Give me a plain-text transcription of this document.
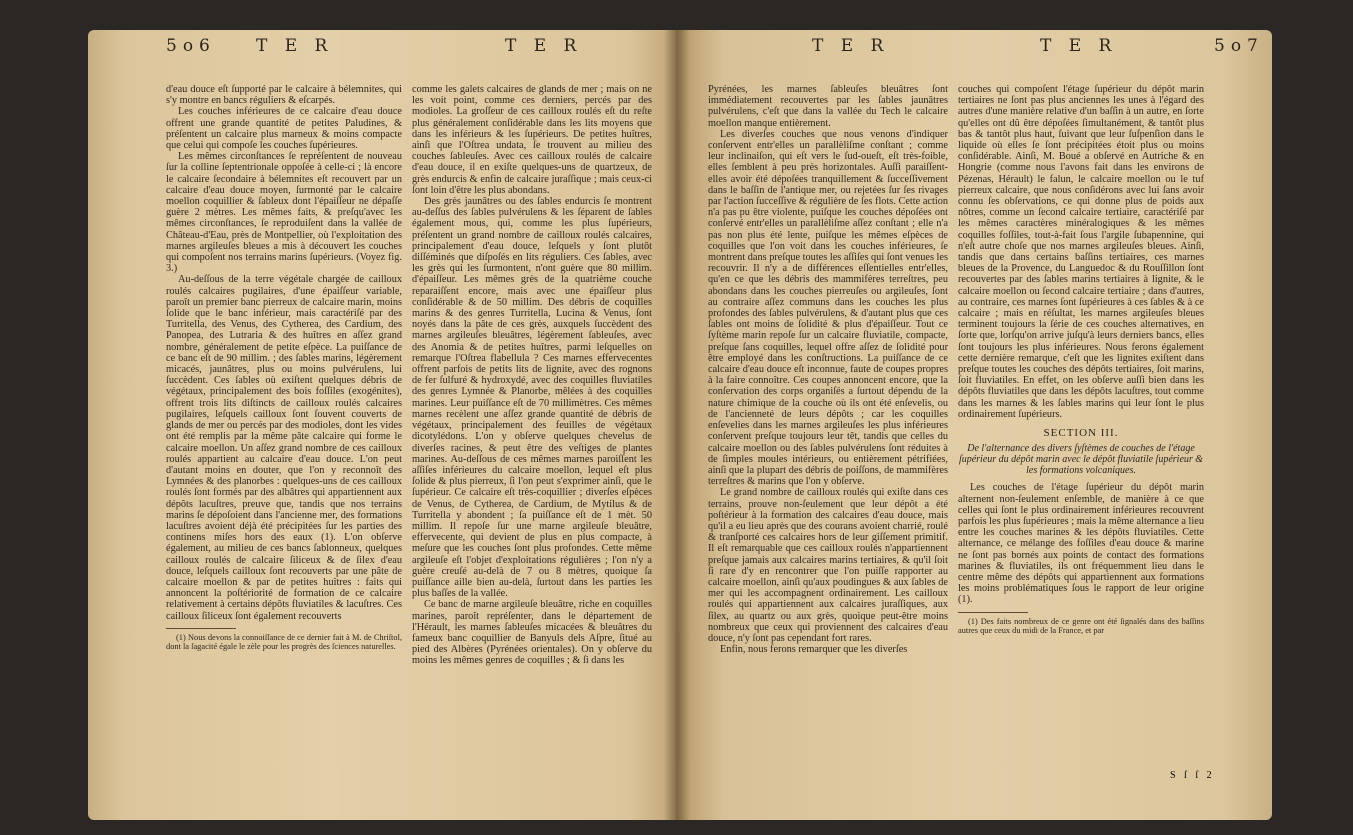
5o6 T E R	T E R	T E R	T E R	5o7

d'eau douce eſt ſupporté par le calcaire à bélemnites, qui s'y montre en bancs réguliers & eſcarpés.

Les couches inférieures de ce calcaire d'eau douce offrent une grande quantité de petites Paludines, & préſentent un calcaire plus marneux & moins compacte que celui qui compoſe les couches ſupérieures.

Les mêmes circonſtances ſe repréſentent de nouveau ſur la colline ſeptentrionale oppoſée à celle-ci ; là encore le calcaire ſecondaire à bélemnites eſt recouvert par un calcaire d'eau douce moyen, ſurmonté par le calcaire moellon coquillier & ſableux dont l'épaiſſeur ne dépaſſe guère 2 mètres. Les mêmes faits, & preſqu'avec les mêmes circonſtances, ſe reproduiſent dans la vallée de Château-d'Eau, près de Montpellier, où l'exploitation des marnes argileuſes bleues a mis à découvert les couches qui compoſent nos terrains marins ſupérieurs. (Voyez fig. 3.)

Au-deſſous de la terre végétale chargée de cailloux roulés calcaires pugilaires, d'une épaiſſeur variable, paroît un premier banc pierreux de calcaire marin, moins ſolide que le banc inférieur, mais caractériſé par des Turritella, des Venus, des Cytherea, des Cardium, des Panopea, des Lutraria & des huîtres en aſſez grand nombre, généralement de petite eſpèce. La puiſſance de ce banc eſt de 90 millim. ; des ſables marins, légèrement micacés, jaunâtres, plus ou moins pulvérulens, lui ſuccèdent. Ces ſables où exiſtent quelques débris de végétaux, principalement des bois foſſiles (exogénites), offrent trois lits diſtincts de cailloux roulés calcaires pugilaires, leſquels cailloux ſont ſouvent couverts de glands de mer ou percés par des modioles, dont les vides ont été remplis par la même pâte calcaire qui forme le calcaire moellon. Un aſſez grand nombre de ces cailloux roulés appartient au calcaire d'eau douce. L'on peut d'autant moins en douter, que l'on y reconnoît des Lymnées & des planorbes : quelques-uns de ces cailloux roulés ſont formés par des albâtres qui appartiennent aux dépôts lacuſtres, preuve que, tandis que nos terrains marins ſe dépoſoient dans l'ancienne mer, des formations lacuſtres avoient déjà été précipitées ſur les parties des continens miſes hors des eaux (1). L'on obſerve également, au milieu de ces bancs ſablonneux, quelques cailloux roulés de calcaire ſiliceux & de ſilex d'eau douce, leſquels cailloux ſont recouverts par une pâte de calcaire moellon & par de petites huîtres : faits qui annoncent la poſtériorité de formation de ce calcaire relativement à certains dépôts fluviatiles & lacuſtres. Ces cailloux ſiliceux ſont également recouverts

(1) Nous devons la connoiſſance de ce dernier fait à M. de Chriſtol, dont la ſagacité égale le zèle pour les progrès des ſciences naturelles.

comme les galets calcaires de glands de mer ; mais on ne les voit point, comme ces derniers, percés par des modioles. La groſſeur de ces cailloux roulés eſt du reſte plus généralement conſidérable dans les lits moyens que dans les inférieurs & les ſupérieurs. De petites huîtres, ainſi que l'Oſtrea undata, ſe trouvent au milieu des couches ſableuſes. Avec ces cailloux roulés de calcaire d'eau douce, il en exiſte quelques-uns de quartzeux, de grès endurcis & enfin de calcaire juraſſique ; mais ceux-ci ſont loin d'être les plus abondans.

Des grès jaunâtres ou des ſables endurcis ſe montrent au-deſſus des ſables pulvérulens & les ſéparent de ſables également mous, qui, comme les plus ſupérieurs, préſentent un grand nombre de cailloux roulés calcaires, principalement d'eau douce, leſquels y ſont plutôt diſſéminés que diſpoſés en lits réguliers. Ces ſables, avec les grès qui les ſurmontent, n'ont guère que 80 millim. d'épaiſſeur. Les mêmes grès de la quatrième couche reparaiſſent encore, mais avec une épaiſſeur plus conſidérable & de 50 millim. Des débris de coquilles marins & des genres Turritella, Lucina & Venus, ſont noyés dans la pâte de ces grès, auxquels ſuccèdent des marnes argileuſes bleuâtres, légèrement ſableuſes, avec des Anomia & de petites huîtres, parmi leſquelles on remarque l'Oſtrea flabellula ? Ces marnes effervecentes offrent parfois de petits lits de lignite, avec des rognons de fer ſulfuré & hydroxydé, avec des coquilles fluviatiles des genres Lymnée & Planorbe, mêlées à des coquilles marines. Leur puiſſance eſt de 70 millimètres. Ces mêmes marnes recèlent une aſſez grande quantité de débris de végétaux, principalement des feuilles de végétaux dicotylédons. L'on y obſerve quelques chevelus de diverſes racines, & peut être des veſtiges de plantes marines. Au-deſſous de ces mêmes marnes paroiſſent les aſſiſes inférieures du calcaire moellon, lequel eſt plus ſolide & plus pierreux, ſi l'on peut s'exprimer ainſi, que le ſupérieur. Ce calcaire eſt très-coquillier ; diverſes eſpèces de Venus, de Cytherea, de Cardium, de Mytilus & de Turritella y abondent ; ſa puiſſance eſt de 1 mèt. 50 millim. Il repoſe ſur une marne argileuſe bleuâtre, effervecente, qui devient de plus en plus compacte, à meſure que les couches ſont plus profondes. Cette même argileuſe eſt l'objet d'exploitations régulières ; l'on n'y a guère creuſé au-delà de 7 ou 8 mètres, quoique ſa puiſſance aille bien au-delà, ſurtout dans les parties les plus baſſes de la vallée.

Ce banc de marne argileuſe bleuâtre, riche en coquilles marines, paroît repréſenter, dans le département de l'Hérault, les marnes ſableuſes micacées & bleuâtres du fameux banc coquillier de Banyuls dels Aſpre, ſitué au pied des Albères (Pyrénées orientales). On y obſerve du moins les mêmes genres de coquilles ; & ſi dans les

Pyrénées, les marnes ſableuſes bleuâtres ſont immédiatement recouvertes par les ſables jaunâtres pulvérulens, c'eſt que dans la vallée du Tech le calcaire moellon manque entièrement.

Les diverſes couches que nous venons d'indiquer conſervent entr'elles un parallèliſme conſtant ; comme leur inclinaiſon, qui eſt vers le ſud-oueſt, eſt très-foible, elles ſemblent à peu près horizontales. Auſſi paraiſſent-elles avoir été dépoſées tranquillement & ſucceſſivement dans le baſſin de l'antique mer, ou rejetées ſur ſes rivages par l'action ſucceſſive & régulière de ſes flots. Cette action n'a pas pu être violente, puiſque les couches dépoſées ont conſervé entr'elles un parallèliſme aſſez conſtant ; elle n'a pas non plus été lente, puiſque les mêmes eſpèces de coquilles que l'on voit dans les couches inférieures, ſe montrent dans preſque toutes les aſſiſes qui ſont venues les recouvrir. Il n'y a de différences eſſentielles entr'elles, qu'en ce que les débris des mammifères terreſtres, peu abondans dans les couches pierreuſes ou argileuſes, ſont au contraire aſſez communs dans les couches les plus profondes des ſables pulvérulens, & d'autant plus que ces ſables ont moins de ſolidité & plus d'épaiſſeur. Tout ce ſyſtème marin repoſe ſur un calcaire fluviatile, compacte, preſque ſans coquilles, lequel offre aſſez de ſolidité pour être employé dans les conſtructions. La puiſſance de ce calcaire d'eau douce eſt inconnue, faute de coupes propres à la faire connoître. Ces coupes annoncent encore, que la conſervation des corps organiſés a ſurtout dépendu de la nature chimique de la couche où ils ont été enſevelis, ou de l'ancienneté de leurs dépôts ; car les coquilles enſevelies dans les marnes argileuſes les plus inférieures conſervent preſque toujours leur têt, tandis que celles du calcaire moellon ou des ſables pulvérulens ſont réduites à de ſimples moules intérieurs, ou entièrement pétrifiées, ainſi que la plupart des débris de poiſſons, de mammifères terreſtres & marins que l'on y obſerve.

Le grand nombre de cailloux roulés qui exiſte dans ces terrains, prouve non-ſeulement que leur dépôt a été poſtérieur à la formation des calcaires d'eau douce, mais qu'il a eu lieu après que des courans avoient charrié, roulé & tranſporté ces calcaires hors de leur giſſement primitif. Il eſt remarquable que ces cailloux roulés n'appartiennent preſque jamais aux calcaires marins tertiaires, & qu'il ſoit ſi rare d'y en rencontrer que l'on puiſſe rapporter au calcaire moellon, ainſi qu'aux poudingues & aux ſables de mer qui les accompagnent ordinairement. Les cailloux roulés qui appartiennent aux calcaires juraſſiques, aux ſilex, au quartz ou aux grès, quoique peut-être moins nombreux que ceux qui proviennent des calcaires d'eau douce, n'y ſont pas cependant fort rares.

Enfin, nous ferons remarquer que les diverſes

couches qui compoſent l'étage ſupérieur du dépôt marin tertiaires ne ſont pas plus anciennes les unes à l'égard des autres d'une manière relative d'un baſſin à un autre, en ſorte qu'elles ont dû être dépoſées ſimultanément, & tantôt plus bas & tantôt plus haut, ſuivant que leur ſuſpenſion dans le liquide où elles ſe ſont précipitées étoit plus ou moins conſidérable. Ainſi, M. Boué a obſervé en Autriche & en Hongrie (comme nous l'avons fait dans les environs de Pézenas, Hérault) le falun, le calcaire moellon ou le tuf pierreux calcaire, que nous conſidérons avec lui ſans avoir connu ſes obſervations, ce qui donne plus de poids aux nôtres, comme un ſecond calcaire tertiaire, caractériſé par les mêmes caractères minéralogiques & les mêmes coquilles foſſiles, tout-à-fait ſous l'argile ſubapennine, qui n'eſt autre choſe que nos marnes argileuſes bleues. Ainſi, tandis que dans certains baſſins tertiaires, ces marnes bleues de la Provence, du Languedoc & du Rouſſillon ſont recouvertes par des ſables marins tertiaires à lignite, & le calcaire moellon ou ſecond calcaire tertiaire ; dans d'autres, au contraire, ces marnes ſont ſupérieures à ces ſables & à ce calcaire ; mais en réſultat, les marnes argileuſes bleues terminent toujours la ſérie de ces couches alternatives, en ſorte que, lorſqu'on arrive juſqu'à leurs derniers bancs, elles ſont toujours les plus inférieures. Nous ferons également cette dernière remarque, c'eſt que les lignites exiſtent dans preſque toutes les couches des dépôts tertiaires, ſoit marins, ſoit fluviatiles. En effet, on les obſerve auſſi bien dans les dépôts fluviatiles que dans les dépôts lacuſtres, tout comme dans les marnes & les ſables marins qui leur ſont le plus ordinairement ſupérieurs.

SECTION III.
De l'alternance des divers ſyſtèmes de couches de l'étage ſupérieur du dépôt marin avec le dépôt fluviatile ſupérieur & les formations volcaniques.

Les couches de l'étage ſupérieur du dépôt marin alternent non-ſeulement enſemble, de manière à ce que celles qui ſont le plus ordinairement inférieures recouvrent parfois les plus ſupérieures ; mais la même alternance a lieu entre les couches marines & les dépôts fluviatiles. Cette alternance, ce mélange des foſſiles d'eau douce & marine ne ſont pas bornés aux points de contact des formations marines & fluviatiles, ils ont fréquemment lieu dans le centre même des dépôts qui appartiennent aux formations les moins problématiques ſous le rapport de leur origine (1).

(1) Des faits nombreux de ce genre ont été ſignalés dans des baſſins autres que ceux du midi de la France, et par

S ſ ſ 2
